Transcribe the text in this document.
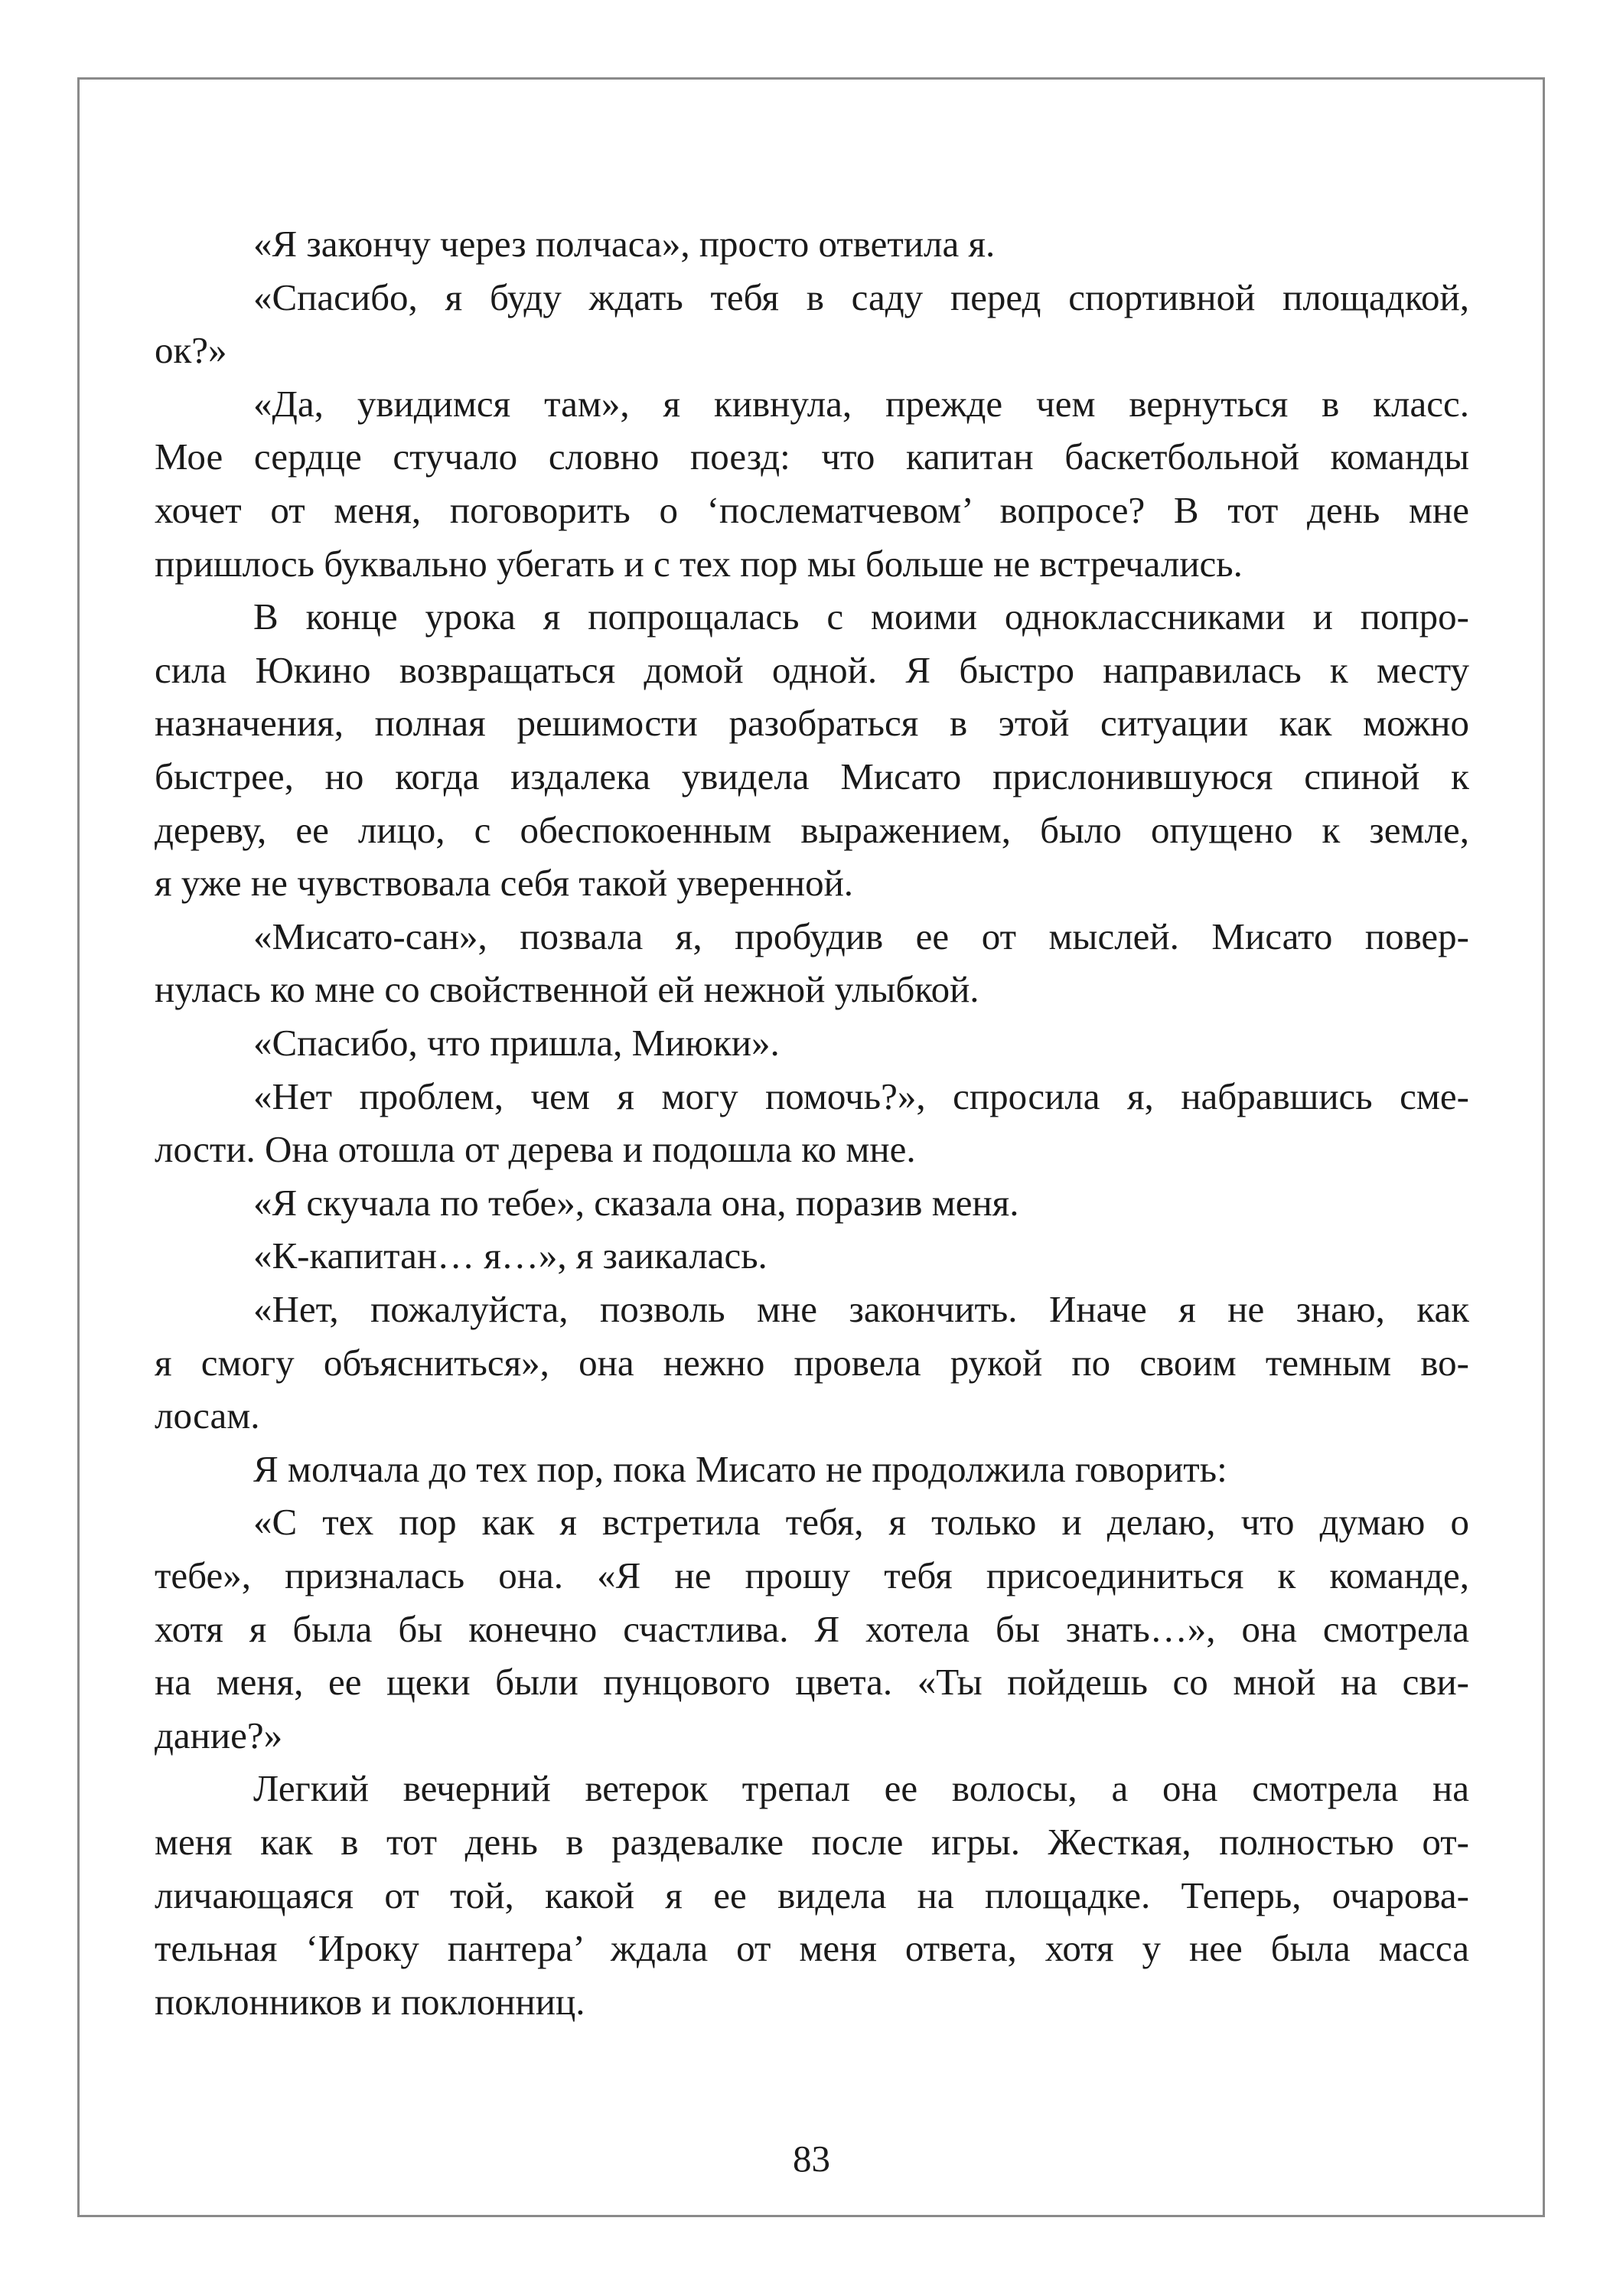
«Я закончу через полчаса», просто ответила я.
«Спасибо, я буду ждать тебя в саду перед спортивной площадкой,
ок?»
«Да, увидимся там», я кивнула, прежде чем вернуться в класс.
Мое сердце стучало словно поезд: что капитан баскетбольной команды
хочет от меня, поговорить о ‘послематчевом’ вопросе? В тот день мне
пришлось буквально убегать и с тех пор мы больше не встречались.
В конце урока я попрощалась с моими одноклассниками и попро-
сила Юкино возвращаться домой одной. Я быстро направилась к месту
назначения, полная решимости разобраться в этой ситуации как можно
быстрее, но когда издалека увидела Мисато прислонившуюся спиной к
дереву, ее лицо, с обеспокоенным выражением, было опущено к земле,
я уже не чувствовала себя такой уверенной.
«Мисато-сан», позвала я, пробудив ее от мыслей. Мисато повер-
нулась ко мне со свойственной ей нежной улыбкой.
«Спасибо, что пришла, Миюки».
«Нет проблем, чем я могу помочь?», спросила я, набравшись сме-
лости. Она отошла от дерева и подошла ко мне.
«Я скучала по тебе», сказала она, поразив меня.
«К-капитан… я…», я заикалась.
«Нет, пожалуйста, позволь мне закончить. Иначе я не знаю, как
я смогу объясниться», она нежно провела рукой по своим темным во-
лосам.
Я молчала до тех пор, пока Мисато не продолжила говорить:
«С тех пор как я встретила тебя, я только и делаю, что думаю о
тебе», призналась она. «Я не прошу тебя присоединиться к команде,
хотя я была бы конечно счастлива. Я хотела бы знать…», она смотрела
на меня, ее щеки были пунцового цвета. «Ты пойдешь со мной на сви-
дание?»
Легкий вечерний ветерок трепал ее волосы, а она смотрела на
меня как в тот день в раздевалке после игры. Жесткая, полностью от-
личающаяся от той, какой я ее видела на площадке. Теперь, очарова-
тельная ‘Ироку пантера’ ждала от меня ответа, хотя у нее была масса
поклонников и поклонниц.
83
